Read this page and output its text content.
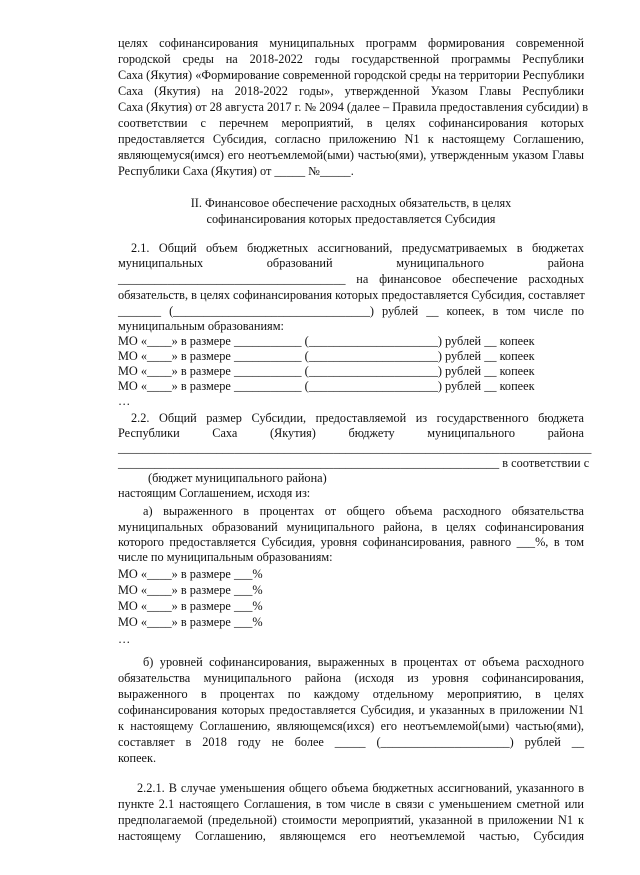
целях софинансирования муниципальных программ формирования современной
городской среды на 2018-2022 годы государственной программы Республики
Саха (Якутия) «Формирование современной городской среды на территории Республики
Саха (Якутия) на 2018-2022 годы», утвержденной Указом Главы Республики
Саха (Якутия) от 28 августа 2017 г. № 2094 (далее – Правила предоставления субсидии) в
соответствии с перечнем мероприятий, в целях софинансирования которых
предоставляется Субсидия, согласно приложению N1 к настоящему Соглашению,
являющемуся(имся) его неотъемлемой(ыми) частью(ями), утвержденным указом Главы
Республики Саха (Якутия) от _____ №_____.
II. Финансовое обеспечение расходных обязательств, в целях
софинансирования которых предоставляется Субсидия
2.1. Общий объем бюджетных ассигнований, предусматриваемых в бюджетах
муниципальных образований муниципального района
_____________________________________ на финансовое обеспечение расходных
обязательств, в целях софинансирования которых предоставляется Субсидия, составляет
_______ (________________________________) рублей __ копеек, в том числе по
муниципальным образованиям:
МО «____» в размере ___________ (_____________________) рублей __ копеек
МО «____» в размере ___________ (_____________________) рублей __ копеек
МО «____» в размере ___________ (_____________________) рублей __ копеек
МО «____» в размере ___________ (_____________________) рублей __ копеек
…
2.2. Общий размер Субсидии, предоставляемой из государственного бюджета
Республики Саха (Якутия) бюджету муниципального района
_____________________________________________________________________________
______________________________________________________________ в соответствии с
(бюджет муниципального района)
настоящим Соглашением, исходя из:
а) выраженного в процентах от общего объема расходного обязательства
муниципальных образований муниципального района, в целях софинансирования
которого предоставляется Субсидия, уровня софинансирования, равного ___%, в том
числе по муниципальным образованиям:
МО «____» в размере ___%
МО «____» в размере ___%
МО «____» в размере ___%
МО «____» в размере ___%
…
б) уровней софинансирования, выраженных в процентах от объема расходного
обязательства муниципального района (исходя из уровня софинансирования,
выраженного в процентах по каждому отдельному мероприятию, в целях
софинансирования которых предоставляется Субсидия, и указанных в приложении N1
к настоящему Соглашению, являющемся(ихся) его неотъемлемой(ыми) частью(ями),
составляет в 2018 году не более _____ (_____________________) рублей __
копеек.
2.2.1. В случае уменьшения общего объема бюджетных ассигнований, указанного в
пункте 2.1 настоящего Соглашения, в том числе в связи с уменьшением сметной или
предполагаемой (предельной) стоимости мероприятий, указанной в приложении N1 к
настоящему Соглашению, являющемся его неотъемлемой частью, Субсидия
